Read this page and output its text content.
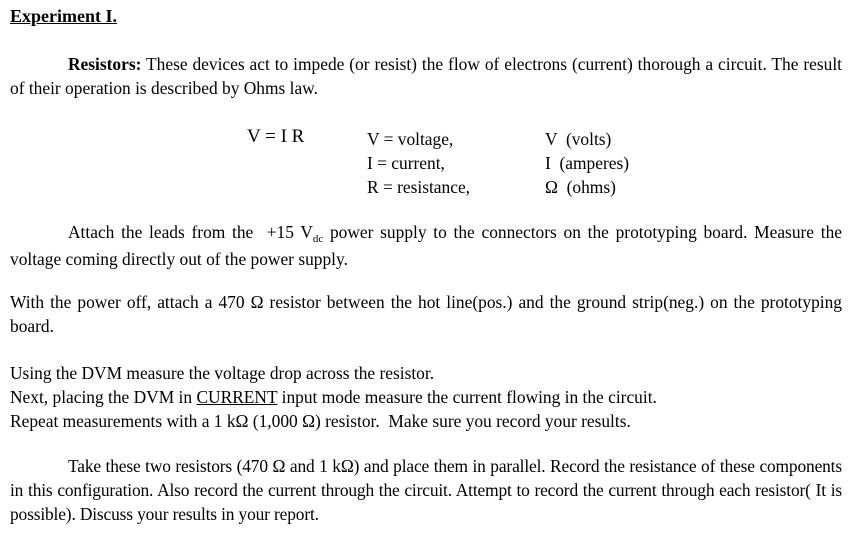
Experiment I.
Resistors: These devices act to impede (or resist) the flow of electrons (current) thorough a circuit. The result of their operation is described by Ohms law.
V = I R	V = voltage,
I = current,
R = resistance,
V  (volts)
I  (amperes)
Ω  (ohms)
Attach the leads from the  +15 $V_{dc}$ power supply to the connectors on the prototyping board. Measure the voltage coming directly out of the power supply.
With the power off, attach a 470 Ω resistor between the hot line(pos.) and the ground strip(neg.) on the prototyping board.
Using the DVM measure the voltage drop across the resistor.
Next, placing the DVM in CURRENT input mode measure the current flowing in the circuit.
Repeat measurements with a 1 kΩ (1,000 Ω) resistor.  Make sure you record your results.
Take these two resistors (470 Ω and 1 kΩ) and place them in parallel. Record the resistance of these components in this configuration. Also record the current through the circuit. Attempt to record the current through each resistor( It is possible). Discuss your results in your report.
